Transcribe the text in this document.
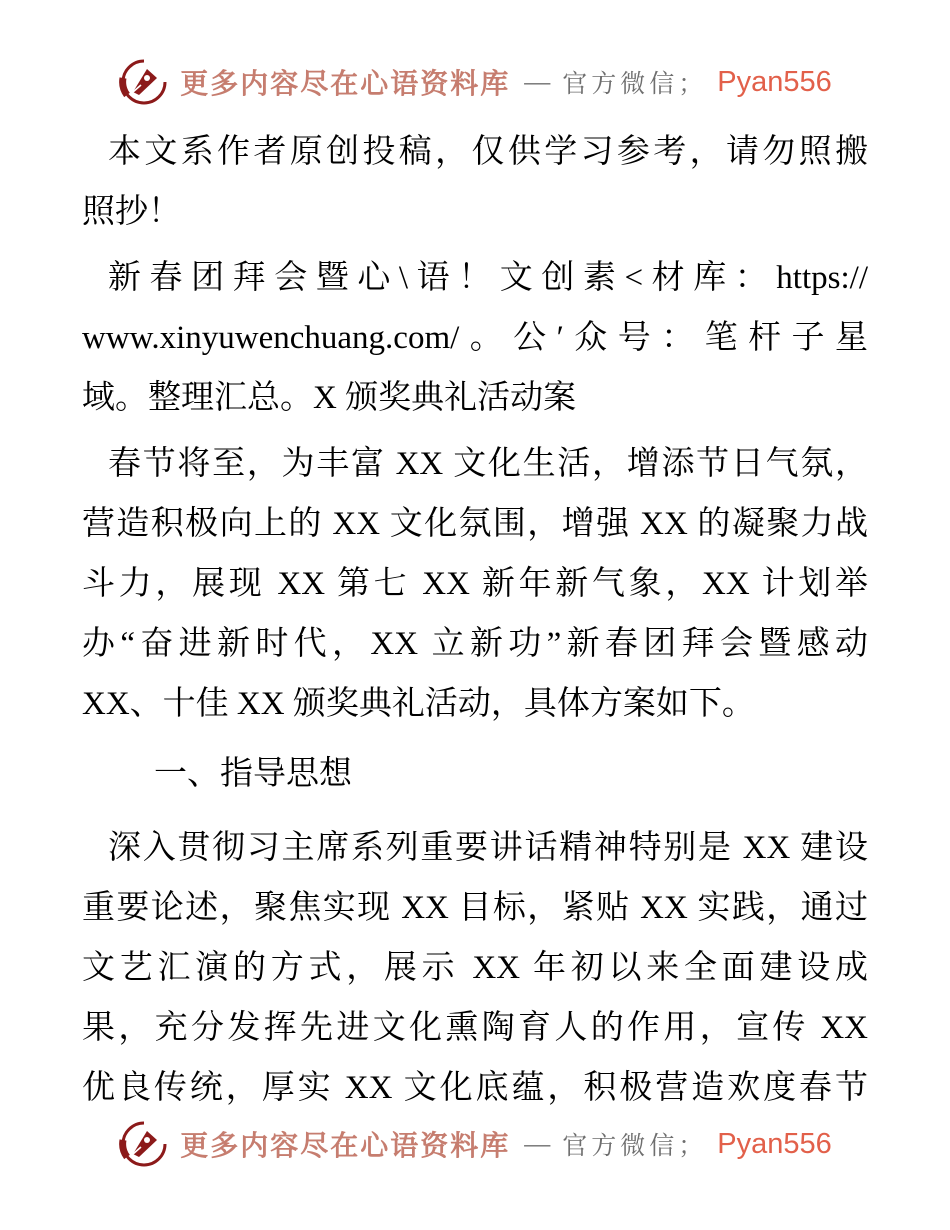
更多内容尽在心语资料库 — 官方微信； Pyan556
本文系作者原创投稿，仅供学习参考，请勿照搬
照抄！
新春团拜会暨心\语！文创素<材库：https://
www.xinyuwenchuang.com/。公′众号：笔杆子星
域。整理汇总。X 颁奖典礼活动案
春节将至，为丰富 XX 文化生活，增添节日气氛，
营造积极向上的 XX 文化氛围，增强 XX 的凝聚力战
斗力，展现 XX 第七 XX 新年新气象，XX 计划举
办“奋进新时代，XX 立新功”新春团拜会暨感动
XX、十佳 XX 颁奖典礼活动，具体方案如下。
一、指导思想
深入贯彻习主席系列重要讲话精神特别是 XX 建设
重要论述，聚焦实现 XX 目标，紧贴 XX 实践，通过
文艺汇演的方式，展示 XX 年初以来全面建设成
果，充分发挥先进文化熏陶育人的作用，宣传 XX
优良传统，厚实 XX 文化底蕴，积极营造欢度春节
更多内容尽在心语资料库 — 官方微信； Pyan556
